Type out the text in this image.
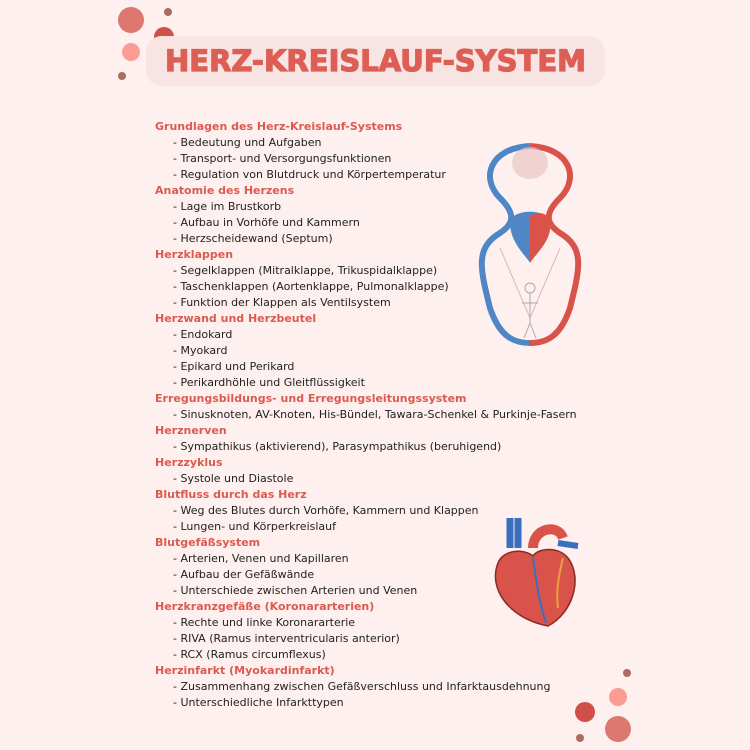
HERZ-KREISLAUF-SYSTEM
Grundlagen des Herz-Kreislauf-Systems
- Bedeutung und Aufgaben
- Transport- und Versorgungsfunktionen
- Regulation von Blutdruck und Körpertemperatur
Anatomie des Herzens
- Lage im Brustkorb
- Aufbau in Vorhöfe und Kammern
- Herzscheidewand (Septum)
Herzklappen
- Segelklappen (Mitralklappe, Trikuspidalklappe)
- Taschenklappen (Aortenklappe, Pulmonalklappe)
- Funktion der Klappen als Ventilsystem
Herzwand und Herzbeutel
- Endokard
- Myokard
- Epikard und Perikard
- Perikardhöhle und Gleitflüssigkeit
Erregungsbildungs- und Erregungsleitungssystem
- Sinusknoten, AV-Knoten, His-Bündel, Tawara-Schenkel & Purkinje-Fasern
Herznerven
- Sympathikus (aktivierend), Parasympathikus (beruhigend)
Herzzyklus
- Systole und Diastole
Blutfluss durch das Herz
- Weg des Blutes durch Vorhöfe, Kammern und Klappen
- Lungen- und Körperkreislauf
Blutgefäßsystem
- Arterien, Venen und Kapillaren
- Aufbau der Gefäßwände
- Unterschiede zwischen Arterien und Venen
Herzkranzgefäße (Koronararterien)
- Rechte und linke Koronararterie
- RIVA (Ramus interventricularis anterior)
- RCX (Ramus circumflexus)
Herzinfarkt (Myokardinfarkt)
- Zusammenhang zwischen Gefäßverschluss und Infarktausdehnung
- Unterschiedliche Infarkttypen
